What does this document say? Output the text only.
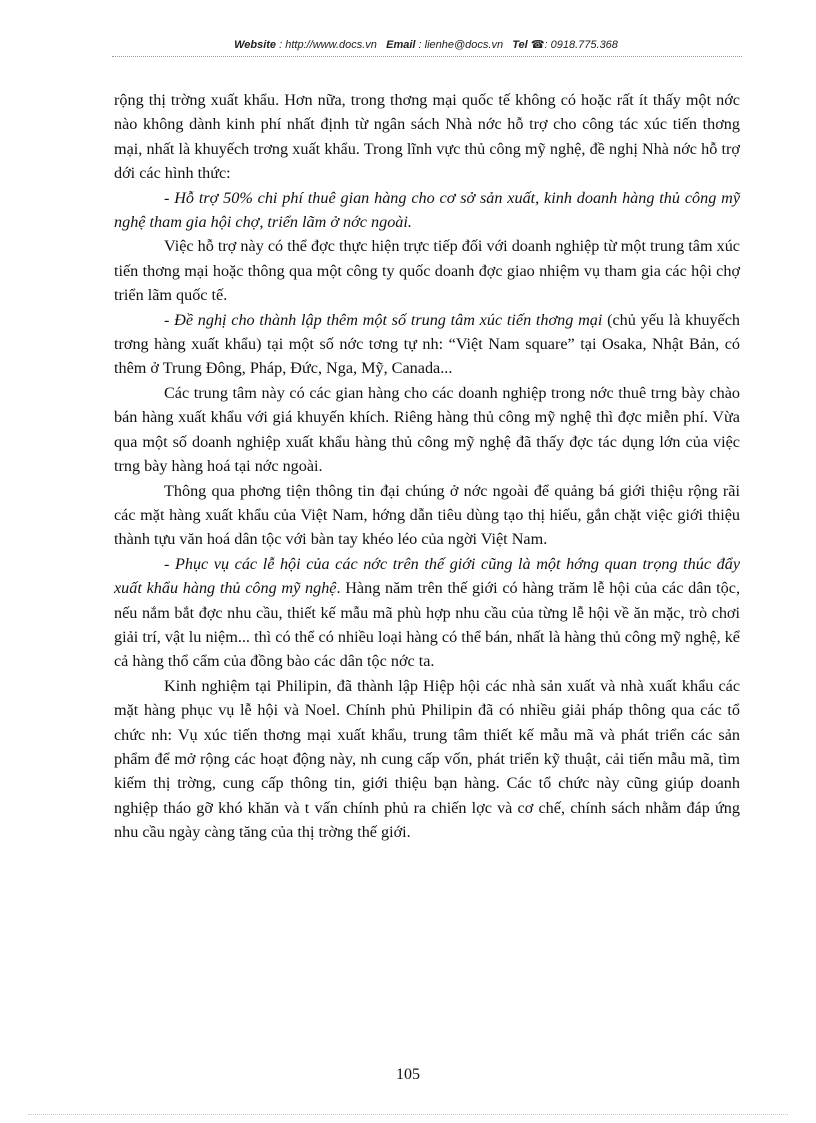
Website : http://www.docs.vn Email : lienhe@docs.vn Tel ☎: 0918.775.368

rộng thị trờng xuất khẩu. Hơn nữa, trong thơng mại quốc tế không có hoặc rất ít thấy một nớc nào không dành kinh phí nhất định từ ngân sách Nhà nớc hỗ trợ cho công tác xúc tiến thơng mại, nhất là khuyếch trơng xuất khẩu. Trong lĩnh vực thủ công mỹ nghệ, đề nghị Nhà nớc hỗ trợ dới các hình thức:

- Hỗ trợ 50% chi phí thuê gian hàng cho cơ sở sản xuất, kinh doanh hàng thủ công mỹ nghệ tham gia hội chợ, triển lãm ở nớc ngoài.

Việc hỗ trợ này có thể đợc thực hiện trực tiếp đối với doanh nghiệp từ một trung tâm xúc tiến thơng mại hoặc thông qua một công ty quốc doanh đợc giao nhiệm vụ tham gia các hội chợ triển lãm quốc tế.

- Đề nghị cho thành lập thêm một số trung tâm xúc tiến thơng mại (chủ yếu là khuyếch trơng hàng xuất khẩu) tại một số nớc tơng tự nh: “Việt Nam square” tại Osaka, Nhật Bản, có thêm ở Trung Đông, Pháp, Đức, Nga, Mỹ, Canada...

Các trung tâm này có các gian hàng cho các doanh nghiệp trong nớc thuê trng bày chào bán hàng xuất khẩu với giá khuyến khích. Riêng hàng thủ công mỹ nghệ thì đợc miễn phí. Vừa qua một số doanh nghiệp xuất khẩu hàng thủ công mỹ nghệ đã thấy đợc tác dụng lớn của việc trng bày hàng hoá tại nớc ngoài.

Thông qua phơng tiện thông tin đại chúng ở nớc ngoài để quảng bá giới thiệu rộng rãi các mặt hàng xuất khẩu của Việt Nam, hớng dẫn tiêu dùng tạo thị hiếu, gắn chặt việc giới thiệu thành tựu văn hoá dân tộc với bàn tay khéo léo của ngời Việt Nam.

- Phục vụ các lễ hội của các nớc trên thế giới cũng là một hớng quan trọng thúc đẩy xuất khẩu hàng thủ công mỹ nghệ. Hàng năm trên thế giới có hàng trăm lễ hội của các dân tộc, nếu nắm bắt đợc nhu cầu, thiết kế mẫu mã phù hợp nhu cầu của từng lễ hội về ăn mặc, trò chơi giải trí, vật lu niệm... thì có thể có nhiều loại hàng có thể bán, nhất là hàng thủ công mỹ nghệ, kể cả hàng thổ cẩm của đồng bào các dân tộc nớc ta.

Kinh nghiệm tại Philipin, đã thành lập Hiệp hội các nhà sản xuất và nhà xuất khẩu các mặt hàng phục vụ lễ hội và Noel. Chính phủ Philipin đã có nhiều giải pháp thông qua các tổ chức nh: Vụ xúc tiến thơng mại xuất khẩu, trung tâm thiết kế mẫu mã và phát triển các sản phẩm để mở rộng các hoạt động này, nh cung cấp vốn, phát triển kỹ thuật, cải tiến mẫu mã, tìm kiếm thị trờng, cung cấp thông tin, giới thiệu bạn hàng. Các tổ chức này cũng giúp doanh nghiệp tháo gỡ khó khăn và t vấn chính phủ ra chiến lợc và cơ chế, chính sách nhằm đáp ứng nhu cầu ngày càng tăng của thị trờng thế giới.

105
